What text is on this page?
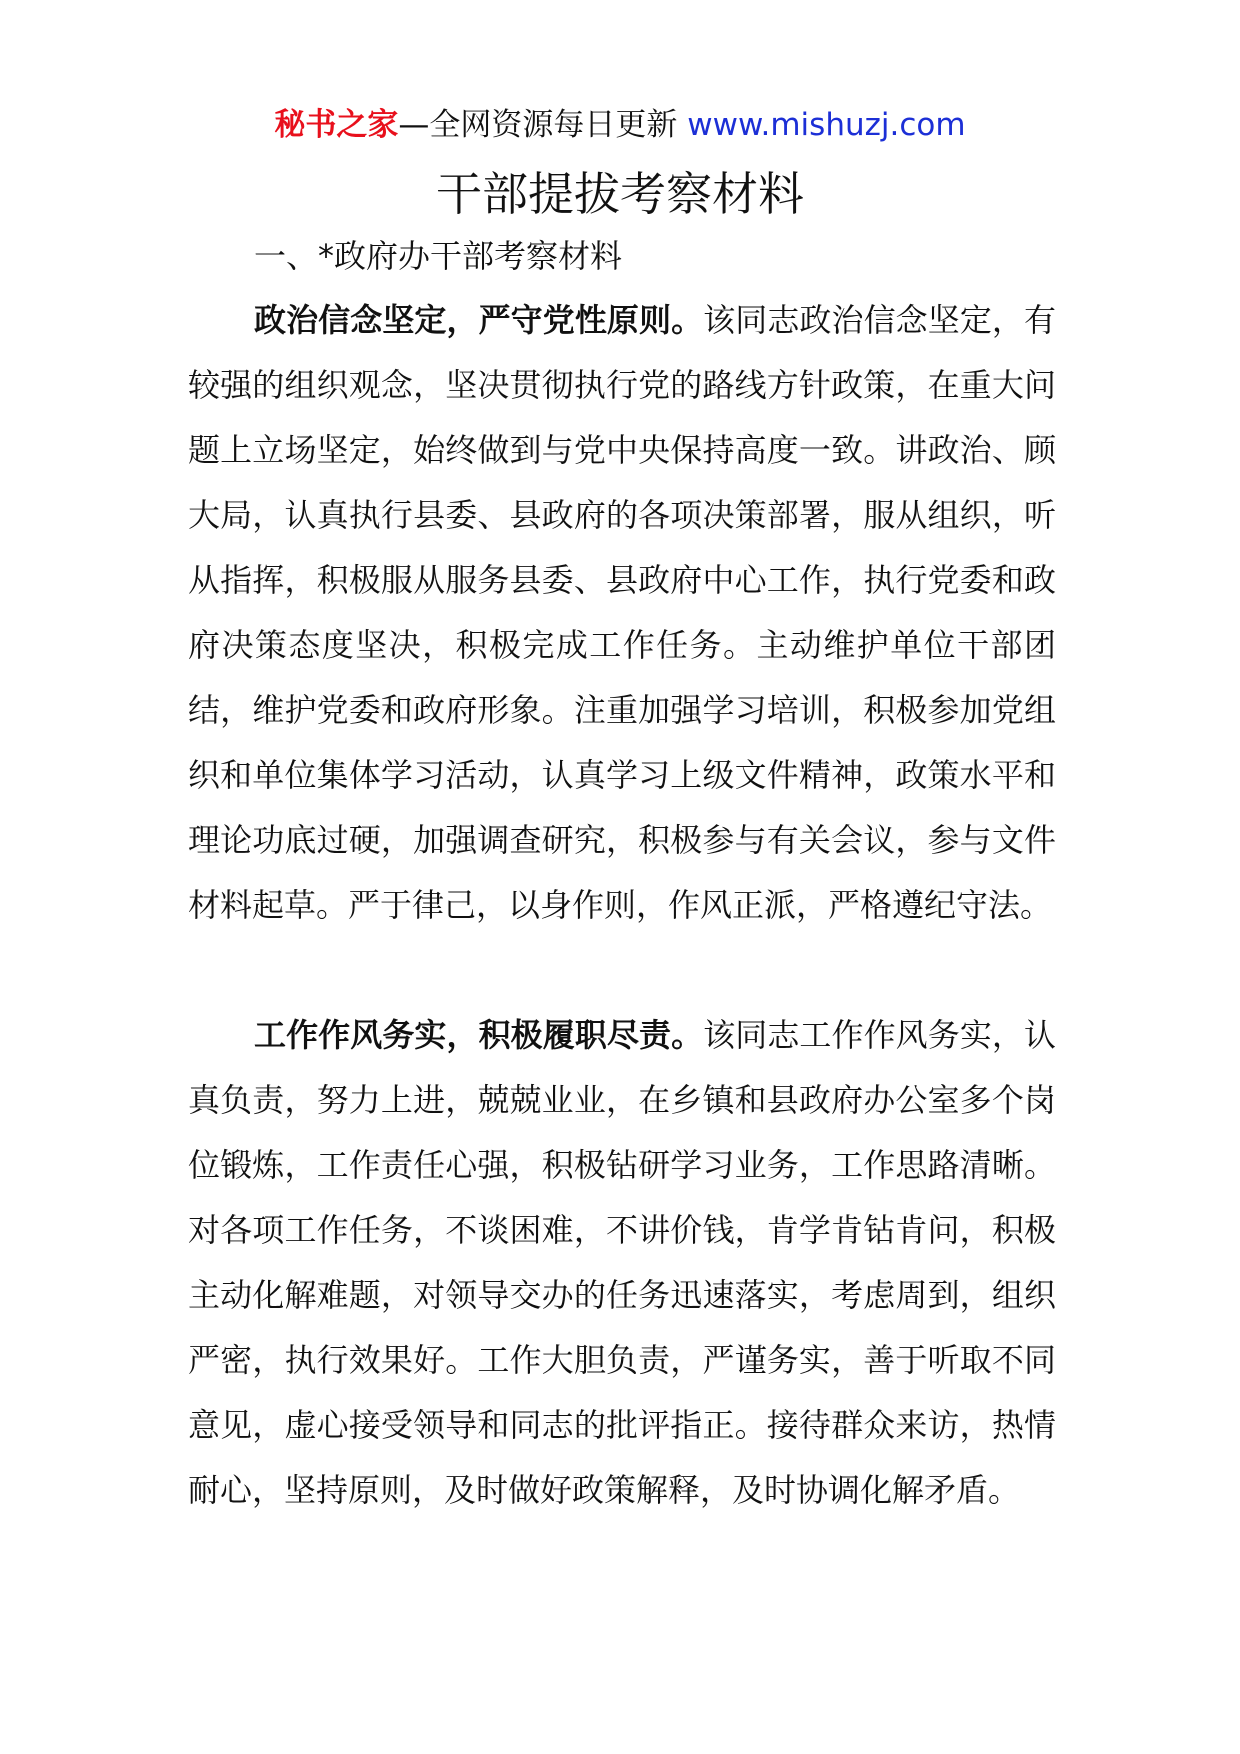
秘书之家—全网资源每日更新 www.mishuzj.com
干部提拔考察材料
一、*政府办干部考察材料

政治信念坚定，严守党性原则。该同志政治信念坚定，有较强的组织观念，坚决贯彻执行党的路线方针政策，在重大问题上立场坚定，始终做到与党中央保持高度一致。讲政治、顾大局，认真执行县委、县政府的各项决策部署，服从组织，听从指挥，积极服从服务县委、县政府中心工作，执行党委和政府决策态度坚决，积极完成工作任务。主动维护单位干部团结，维护党委和政府形象。注重加强学习培训，积极参加党组织和单位集体学习活动，认真学习上级文件精神，政策水平和理论功底过硬，加强调查研究，积极参与有关会议，参与文件材料起草。严于律己，以身作则，作风正派，严格遵纪守法。

工作作风务实，积极履职尽责。该同志工作作风务实，认真负责，努力上进，兢兢业业，在乡镇和县政府办公室多个岗位锻炼，工作责任心强，积极钻研学习业务，工作思路清晰。对各项工作任务，不谈困难，不讲价钱，肯学肯钻肯问，积极主动化解难题，对领导交办的任务迅速落实，考虑周到，组织严密，执行效果好。工作大胆负责，严谨务实，善于听取不同意见，虚心接受领导和同志的批评指正。接待群众来访，热情耐心，坚持原则，及时做好政策解释，及时协调化解矛盾。
